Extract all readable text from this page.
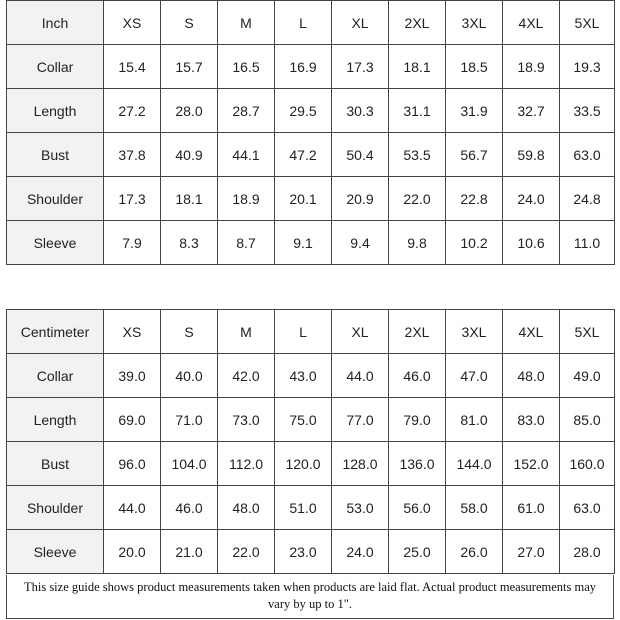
Inch	XS	S	M	L	XL	2XL	3XL	4XL	5XL
Collar	15.4	15.7	16.5	16.9	17.3	18.1	18.5	18.9	19.3
Length	27.2	28.0	28.7	29.5	30.3	31.1	31.9	32.7	33.5
Bust	37.8	40.9	44.1	47.2	50.4	53.5	56.7	59.8	63.0
Shoulder	17.3	18.1	18.9	20.1	20.9	22.0	22.8	24.0	24.8
Sleeve	7.9	8.3	8.7	9.1	9.4	9.8	10.2	10.6	11.0
Centimeter	XS	S	M	L	XL	2XL	3XL	4XL	5XL
Collar	39.0	40.0	42.0	43.0	44.0	46.0	47.0	48.0	49.0
Length	69.0	71.0	73.0	75.0	77.0	79.0	81.0	83.0	85.0
Bust	96.0	104.0	112.0	120.0	128.0	136.0	144.0	152.0	160.0
Shoulder	44.0	46.0	48.0	51.0	53.0	56.0	58.0	61.0	63.0
Sleeve	20.0	21.0	22.0	23.0	24.0	25.0	26.0	27.0	28.0
This size guide shows product measurements taken when products are laid flat. Actual product measurements may vary by up to 1".
